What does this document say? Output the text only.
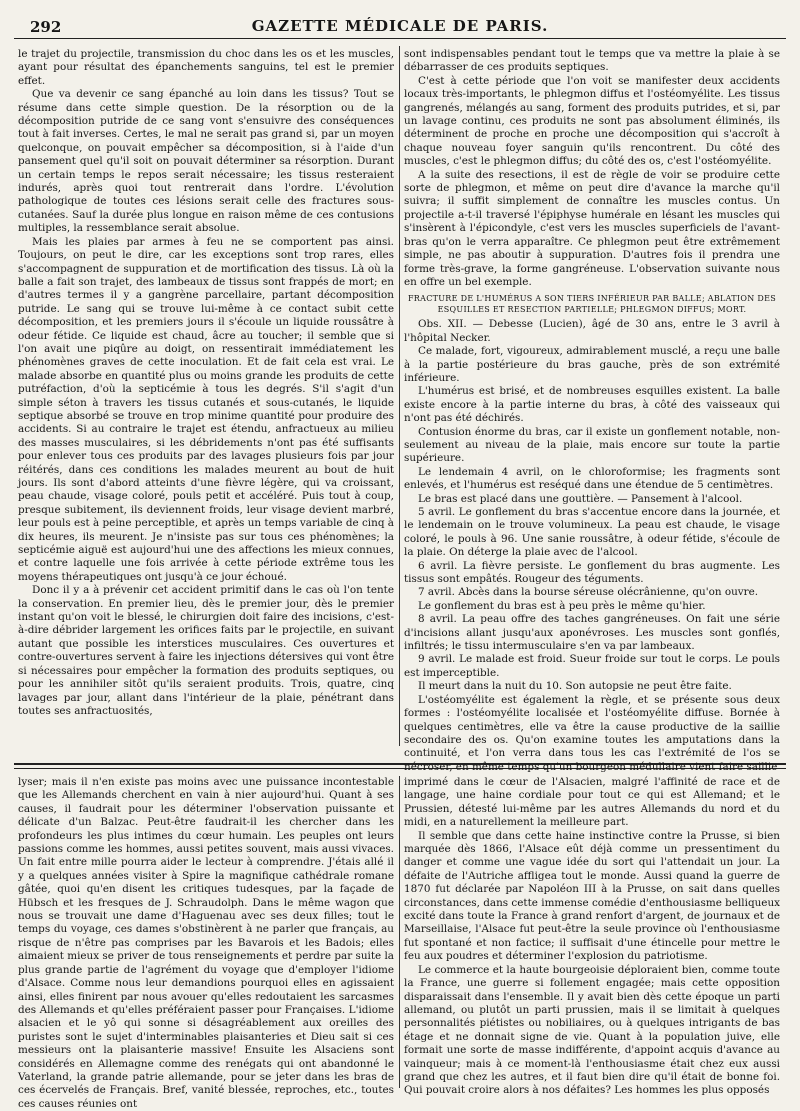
292	GAZETTE MÉDICALE DE PARIS.

le trajet du projectile, transmission du choc dans les os et les muscles, ayant pour résultat des épanchements sanguins, tel est le premier effet.

Que va devenir ce sang épanché au loin dans les tissus? Tout se résume dans cette simple question. De la résorption ou de la décomposition putride de ce sang vont s'ensuivre des conséquences tout à fait inverses. Certes, le mal ne serait pas grand si, par un moyen quelconque, on pouvait empêcher sa décomposition, si à l'aide d'un pansement quel qu'il soit on pouvait déterminer sa résorption. Durant un certain temps le repos serait nécessaire; les tissus resteraient indurés, après quoi tout rentrerait dans l'ordre. L'évolution pathologique de toutes ces lésions serait celle des fractures sous-cutanées. Sauf la durée plus longue en raison même de ces contusions multiples, la ressemblance serait absolue.

Mais les plaies par armes à feu ne se comportent pas ainsi. Toujours, on peut le dire, car les exceptions sont trop rares, elles s'accompagnent de suppuration et de mortification des tissus. Là où la balle a fait son trajet, des lambeaux de tissus sont frappés de mort; en d'autres termes il y a gangrène parcellaire, partant décomposition putride. Le sang qui se trouve lui-même à ce contact subit cette décomposition, et les premiers jours il s'écoule un liquide roussâtre à odeur fétide. Ce liquide est chaud, âcre au toucher; il semble que si l'on avait une piqûre au doigt, on ressentirait immédiatement les phénomènes graves de cette inoculation. Et de fait cela est vrai. Le malade absorbe en quantité plus ou moins grande les produits de cette putréfaction, d'où la septicémie à tous les degrés. S'il s'agit d'un simple séton à travers les tissus cutanés et sous-cutanés, le liquide septique absorbé se trouve en trop minime quantité pour produire des accidents. Si au contraire le trajet est étendu, anfractueux au milieu des masses musculaires, si les débridements n'ont pas été suffisants pour enlever tous ces produits par des lavages plusieurs fois par jour réitérés, dans ces conditions les malades meurent au bout de huit jours. Ils sont d'abord atteints d'une fièvre légère, qui va croissant, peau chaude, visage coloré, pouls petit et accéléré. Puis tout à coup, presque subitement, ils deviennent froids, leur visage devient marbré, leur pouls est à peine perceptible, et après un temps variable de cinq à dix heures, ils meurent. Je n'insiste pas sur tous ces phénomènes; la septicémie aiguë est aujourd'hui une des affections les mieux connues, et contre laquelle une fois arrivée à cette période extrême tous les moyens thérapeutiques ont jusqu'à ce jour échoué.

Donc il y a à prévenir cet accident primitif dans le cas où l'on tente la conservation. En premier lieu, dès le premier jour, dès le premier instant qu'on voit le blessé, le chirurgien doit faire des incisions, c'est-à-dire débrider largement les orifices faits par le projectile, en suivant autant que possible les interstices musculaires. Ces ouvertures et contre-ouvertures servent à faire les injections détersives qui vont être si nécessaires pour empêcher la formation des produits septiques, ou pour les annihiler sitôt qu'ils seraient produits. Trois, quatre, cinq lavages par jour, allant dans l'intérieur de la plaie, pénétrant dans toutes ses anfractuosités,

sont indispensables pendant tout le temps que va mettre la plaie à se débarrasser de ces produits septiques.

C'est à cette période que l'on voit se manifester deux accidents locaux très-importants, le phlegmon diffus et l'ostéomyélite. Les tissus gangrenés, mélangés au sang, forment des produits putrides, et si, par un lavage continu, ces produits ne sont pas absolument éliminés, ils déterminent de proche en proche une décomposition qui s'accroît à chaque nouveau foyer sanguin qu'ils rencontrent. Du côté des muscles, c'est le phlegmon diffus; du côté des os, c'est l'ostéomyélite.

A la suite des resections, il est de règle de voir se produire cette sorte de phlegmon, et même on peut dire d'avance la marche qu'il suivra; il suffit simplement de connaître les muscles contus. Un projectile a-t-il traversé l'épiphyse humérale en lésant les muscles qui s'insèrent à l'épicondyle, c'est vers les muscles superficiels de l'avant-bras qu'on le verra apparaître. Ce phlegmon peut être extrêmement simple, ne pas aboutir à suppuration. D'autres fois il prendra une forme très-grave, la forme gangréneuse. L'observation suivante nous en offre un bel exemple.

FRACTURE DE L'HUMÉRUS A SON TIERS INFÉRIEUR PAR BALLE; ABLATION DES ESQUILLES ET RESECTION PARTIELLE; PHLEGMON DIFFUS; MORT.

Obs. XII. — Debesse (Lucien), âgé de 30 ans, entre le 3 avril à l'hôpital Necker.

Ce malade, fort, vigoureux, admirablement musclé, a reçu une balle à la partie postérieure du bras gauche, près de son extrémité inférieure.

L'humérus est brisé, et de nombreuses esquilles existent. La balle existe encore à la partie interne du bras, à côté des vaisseaux qui n'ont pas été déchirés.

Contusion énorme du bras, car il existe un gonflement notable, non-seulement au niveau de la plaie, mais encore sur toute la partie supérieure.

Le lendemain 4 avril, on le chloroformise; les fragments sont enlevés, et l'humérus est reséqué dans une étendue de 5 centimètres.

Le bras est placé dans une gouttière. — Pansement à l'alcool.

5 avril. Le gonflement du bras s'accentue encore dans la journée, et le lendemain on le trouve volumineux. La peau est chaude, le visage coloré, le pouls à 96. Une sanie roussâtre, à odeur fétide, s'écoule de la plaie. On déterge la plaie avec de l'alcool.

6 avril. La fièvre persiste. Le gonflement du bras augmente. Les tissus sont empâtés. Rougeur des téguments.

7 avril. Abcès dans la bourse séreuse olécrânienne, qu'on ouvre.

Le gonflement du bras est à peu près le même qu'hier.

8 avril. La peau offre des taches gangréneuses. On fait une série d'incisions allant jusqu'aux aponévroses. Les muscles sont gonflés, infiltrés; le tissu intermusculaire s'en va par lambeaux.

9 avril. Le malade est froid. Sueur froide sur tout le corps. Le pouls est imperceptible.

Il meurt dans la nuit du 10. Son autopsie ne peut être faite.

L'ostéomyélite est également la règle, et se présente sous deux formes : l'ostéomyélite localisée et l'ostéomyélite diffuse. Bornée à quelques centimètres, elle va être la cause productive de la saillie secondaire des os. Qu'on examine toutes les amputations dans la continuité, et l'on verra dans tous les cas l'extrémité de l'os se nécroser, en même temps qu'un bourgeon médullaire vient faire saillie

lyser; mais il n'en existe pas moins avec une puissance incontestable que les Allemands cherchent en vain à nier aujourd'hui. Quant à ses causes, il faudrait pour les déterminer l'observation puissante et délicate d'un Balzac. Peut-être faudrait-il les chercher dans les profondeurs les plus intimes du cœur humain. Les peuples ont leurs passions comme les hommes, aussi petites souvent, mais aussi vivaces. Un fait entre mille pourra aider le lecteur à comprendre. J'étais allé il y a quelques années visiter à Spire la magnifique cathédrale romane gâtée, quoi qu'en disent les critiques tudesques, par la façade de Hübsch et les fresques de J. Schraudolph. Dans le même wagon que nous se trouvait une dame d'Haguenau avec ses deux filles; tout le temps du voyage, ces dames s'obstinèrent à ne parler que français, au risque de n'être pas comprises par les Bavarois et les Badois; elles aimaient mieux se priver de tous renseignements et perdre par suite la plus grande partie de l'agrément du voyage que d'employer l'idiome d'Alsace. Comme nous leur demandions pourquoi elles en agissaient ainsi, elles finirent par nous avouer qu'elles redoutaient les sarcasmes des Allemands et qu'elles préféraient passer pour Françaises. L'idiome alsacien et le yô qui sonne si désagréablement aux oreilles des puristes sont le sujet d'interminables plaisanteries et Dieu sait si ces messieurs ont la plaisanterie massive! Ensuite les Alsaciens sont considérés en Allemagne comme des renégats qui ont abandonné le Vaterland, la grande patrie allemande, pour se jeter dans les bras de ces écervelés de Français. Bref, vanité blessée, reproches, etc., toutes ces causes réunies ont

imprimé dans le cœur de l'Alsacien, malgré l'affinité de race et de langage, une haine cordiale pour tout ce qui est Allemand; et le Prussien, détesté lui-même par les autres Allemands du nord et du midi, en a naturellement la meilleure part.

Il semble que dans cette haine instinctive contre la Prusse, si bien marquée dès 1866, l'Alsace eût déjà comme un pressentiment du danger et comme une vague idée du sort qui l'attendait un jour. La défaite de l'Autriche affligea tout le monde. Aussi quand la guerre de 1870 fut déclarée par Napoléon III à la Prusse, on sait dans quelles circonstances, dans cette immense comédie d'enthousiasme belliqueux excité dans toute la France à grand renfort d'argent, de journaux et de Marseillaise, l'Alsace fut peut-être la seule province où l'enthousiasme fut spontané et non factice; il suffisait d'une étincelle pour mettre le feu aux poudres et déterminer l'explosion du patriotisme.

Le commerce et la haute bourgeoisie déploraient bien, comme toute la France, une guerre si follement engagée; mais cette opposition disparaissait dans l'ensemble. Il y avait bien dès cette époque un parti allemand, ou plutôt un parti prussien, mais il se limitait à quelques personnalités piétistes ou nobiliaires, ou à quelques intrigants de bas étage et ne donnait signe de vie. Quant à la population juive, elle formait une sorte de masse indifférente, d'appoint acquis d'avance au vainqueur; mais à ce moment-là l'enthousiasme était chez eux aussi grand que chez les autres, et il faut bien dire qu'il était de bonne foi. Qui pouvait croire alors à nos défaites? Les hommes les plus opposés
